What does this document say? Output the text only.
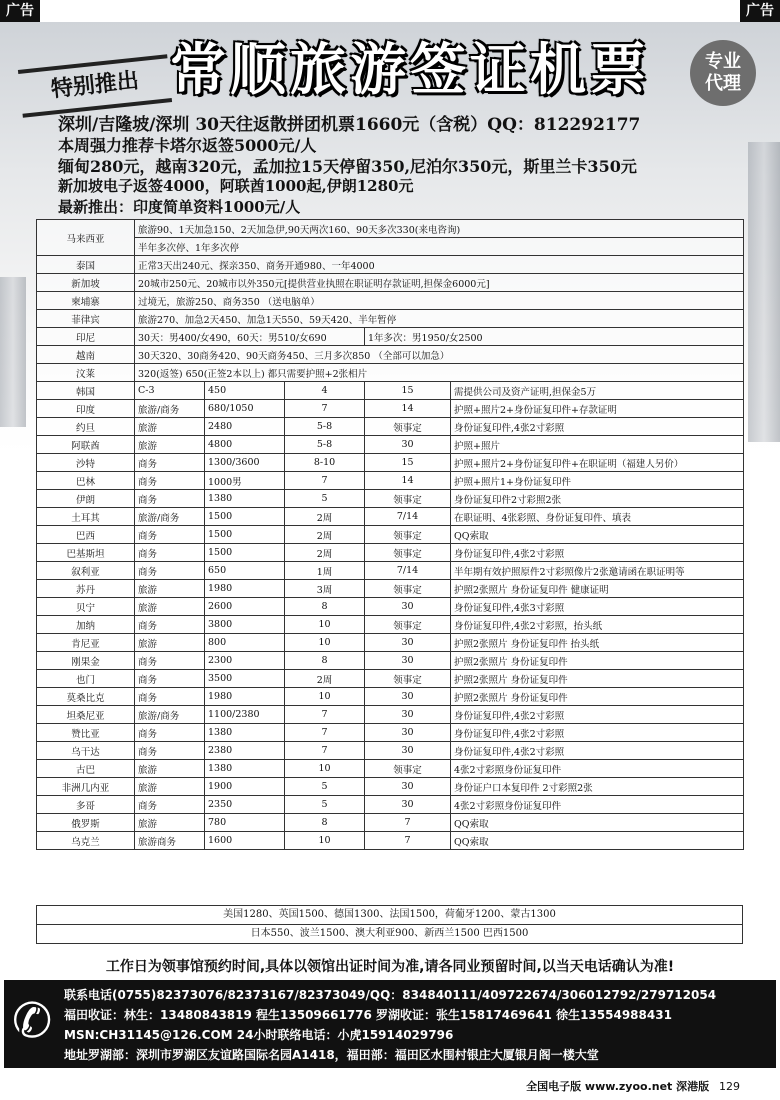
广告	广告
特别推出 常顺旅游签证机票	专业代理
深圳/吉隆坡/深圳 30天往返散拼团机票1660元（含税）QQ：812292177
本周强力推荐卡塔尔返签5000元/人
缅甸280元，越南320元，孟加拉15天停留350,尼泊尔350元，斯里兰卡350元
新加坡电子返签4000，阿联酋1000起,伊朗1280元
最新推出：印度简单资料1000元/人
马来西亚	旅游90、1天加急150、2天加急伊,90天两次160、90天多次330(来电咨询)				
	半年多次停、1年多次停				
泰国	正常3天出240元、探亲350、商务开通980、一年4000				
新加坡	20城市250元、20城市以外350元[提供营业执照在职证明存款证明,担保金6000元]				
柬埔寨	过境无，旅游250、商务350 （送电脑单）				
菲律宾	旅游270、加急2天450、加急1天550、59天420、半年暂停				
印尼	30天：男400/女490，60天：男510/女690			1年多次：男1950/女2500	
越南	30天320、30商务420、90天商务450、三月多次850 （全部可以加急）				
汶莱	320(返签) 650(正签2本以上) 都只需要护照+2张相片				
韩国	C-3	450	4	15	需提供公司及资产证明,担保金5万
印度	旅游/商务	680/1050	7	14	护照+照片2+身份证复印件+存款证明
约旦	旅游	2480	5-8	领事定	身份证复印件,4张2寸彩照
阿联酋	旅游	4800	5-8	30	护照+照片
沙特	商务	1300/3600	8-10	15	护照+照片2+身份证复印件+在职证明（福建人另价）
巴林	商务	1000男	7	14	护照+照片1+身份证复印件
伊朗	商务	1380	5	领事定	身份证复印件2寸彩照2张
土耳其	旅游/商务	1500	2周	7/14	在职证明、4张彩照、身份证复印件、填表
巴西	商务	1500	2周	领事定	QQ索取
巴基斯坦	商务	1500	2周	领事定	身份证复印件,4张2寸彩照
叙利亚	商务	650	1周	7/14	半年期有效护照原件2寸彩照像片2张邀请函在职证明等
苏丹	旅游	1980	3周	领事定	护照2张照片 身份证复印件 健康证明
贝宁	旅游	2600	8	30	身份证复印件,4张3寸彩照
加纳	商务	3800	10	领事定	身份证复印件,4张2寸彩照，抬头纸
肯尼亚	旅游	800	10	30	护照2张照片 身份证复印件 抬头纸
刚果金	商务	2300	8	30	护照2张照片 身份证复印件
也门	商务	3500	2周	领事定	护照2张照片 身份证复印件
莫桑比克	商务	1980	10	30	护照2张照片 身份证复印件
坦桑尼亚	旅游/商务	1100/2380	7	30	身份证复印件,4张2寸彩照
赞比亚	商务	1380	7	30	身份证复印件,4张2寸彩照
乌干达	商务	2380	7	30	身份证复印件,4张2寸彩照
古巴	旅游	1380	10	领事定	4张2寸彩照身份证复印件
非洲几内亚	旅游	1900	5	30	身份证户口本复印件 2寸彩照2张
多哥	商务	2350	5	30	4张2寸彩照身份证复印件
俄罗斯	旅游	780	8	7	QQ索取
乌克兰	旅游商务	1600	10	7	QQ索取
美国1280、英国1500、德国1300、法国1500，荷葡牙1200、蒙古1300
日本550、波兰1500、澳大利亚900、新西兰1500 巴西1500
工作日为领事馆预约时间,具体以领馆出证时间为准,请各同业预留时间,以当天电话确认为准!
✆ 联系电话(0755)82373076/82373167/82373049/QQ：834840111/409722674/306012792/279712054
福田收证：林生：13480843819 程生13509661776 罗湖收证：张生15817469641 徐生13554988431
MSN:CH31145@126.COM 24小时联络电话：小虎15914029796
地址罗湖部：深圳市罗湖区友谊路国际名园A1418，福田部：福田区水围村银庄大厦银月阁一楼大堂
全国电子版 www.zyoo.net 深港版 129
